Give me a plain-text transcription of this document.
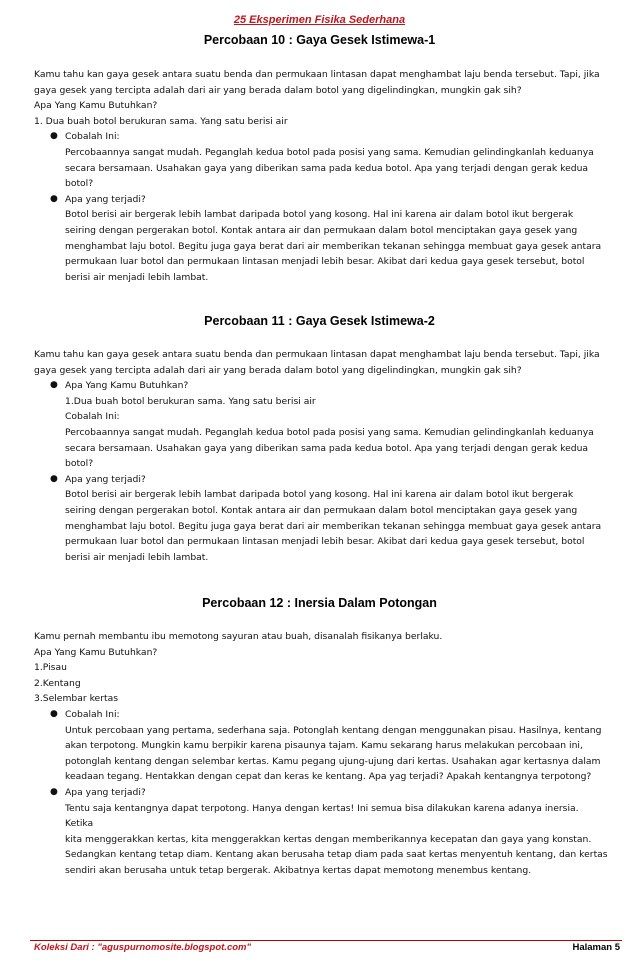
25 Eksperimen Fisika Sederhana
Percobaan 10 : Gaya Gesek Istimewa-1

Kamu tahu kan gaya gesek antara suatu benda dan permukaan lintasan dapat menghambat laju benda tersebut. Tapi, jika

gaya gesek yang tercipta adalah dari air yang berada dalam botol yang digelindingkan, mungkin gak sih?

Apa Yang Kamu Butuhkan?

1. Dua buah botol berukuran sama. Yang satu berisi air

● Cobalah Ini:

Percobaannya sangat mudah. Peganglah kedua botol pada posisi yang sama. Kemudian gelindingkanlah keduanya

secara bersamaan. Usahakan gaya yang diberikan sama pada kedua botol. Apa yang terjadi dengan gerak kedua

botol?

● Apa yang terjadi?

Botol berisi air bergerak lebih lambat daripada botol yang kosong. Hal ini karena air dalam botol ikut bergerak

seiring dengan pergerakan botol. Kontak antara air dan permukaan dalam botol menciptakan gaya gesek yang

menghambat laju botol. Begitu juga gaya berat dari air memberikan tekanan sehingga membuat gaya gesek antara

permukaan luar botol dan permukaan lintasan menjadi lebih besar. Akibat dari kedua gaya gesek tersebut, botol

berisi air menjadi lebih lambat.

Percobaan 11 : Gaya Gesek Istimewa-2

Kamu tahu kan gaya gesek antara suatu benda dan permukaan lintasan dapat menghambat laju benda tersebut. Tapi, jika

gaya gesek yang tercipta adalah dari air yang berada dalam botol yang digelindingkan, mungkin gak sih?

● Apa Yang Kamu Butuhkan?

1.Dua buah botol berukuran sama. Yang satu berisi air

Cobalah Ini:

Percobaannya sangat mudah. Peganglah kedua botol pada posisi yang sama. Kemudian gelindingkanlah keduanya

secara bersamaan. Usahakan gaya yang diberikan sama pada kedua botol. Apa yang terjadi dengan gerak kedua

botol?

● Apa yang terjadi?

Botol berisi air bergerak lebih lambat daripada botol yang kosong. Hal ini karena air dalam botol ikut bergerak

seiring dengan pergerakan botol. Kontak antara air dan permukaan dalam botol menciptakan gaya gesek yang

menghambat laju botol. Begitu juga gaya berat dari air memberikan tekanan sehingga membuat gaya gesek antara

permukaan luar botol dan permukaan lintasan menjadi lebih besar. Akibat dari kedua gaya gesek tersebut, botol

berisi air menjadi lebih lambat.

Percobaan 12 : Inersia Dalam Potongan

Kamu pernah membantu ibu memotong sayuran atau buah, disanalah fisikanya berlaku.

Apa Yang Kamu Butuhkan?

1.Pisau

2.Kentang

3.Selembar kertas

● Cobalah Ini:

Untuk percobaan yang pertama, sederhana saja. Potonglah kentang dengan menggunakan pisau. Hasilnya, kentang

akan terpotong. Mungkin kamu berpikir karena pisaunya tajam. Kamu sekarang harus melakukan percobaan ini,

potonglah kentang dengan selembar kertas. Kamu pegang ujung-ujung dari kertas. Usahakan agar kertasnya dalam

keadaan tegang. Hentakkan dengan cepat dan keras ke kentang. Apa yag terjadi? Apakah kentangnya terpotong?

● Apa yang terjadi?

Tentu saja kentangnya dapat terpotong. Hanya dengan kertas! Ini semua bisa dilakukan karena adanya inersia. Ketika

kita menggerakkan kertas, kita menggerakkan kertas dengan memberikannya kecepatan dan gaya yang konstan.

Sedangkan kentang tetap diam. Kentang akan berusaha tetap diam pada saat kertas menyentuh kentang, dan kertas

sendiri akan berusaha untuk tetap bergerak. Akibatnya kertas dapat memotong menembus kentang.

Koleksi Dari : "aguspurnomosite.blogspot.com"	Halaman 5
